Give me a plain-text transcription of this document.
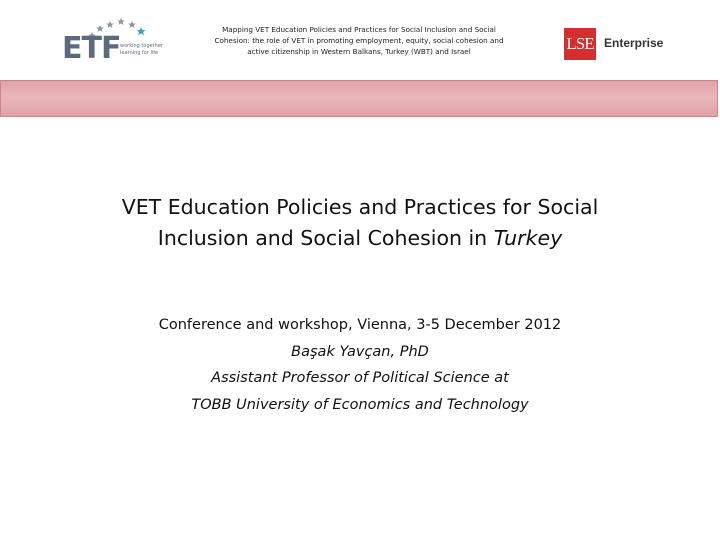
ETF working together
learning for life
Mapping VET Education Policies and Practices for Social Inclusion and Social
Cohesion: the role of VET in promoting employment, equity, social cohesion and
active citizenship in Western Balkans, Turkey (WBT) and Israel	LSE Enterprise
VET Education Policies and Practices for Social
Inclusion and Social Cohesion in Turkey
Conference and workshop, Vienna, 3-5 December 2012
Başak Yavçan, PhD
Assistant Professor of Political Science at
TOBB University of Economics and Technology
